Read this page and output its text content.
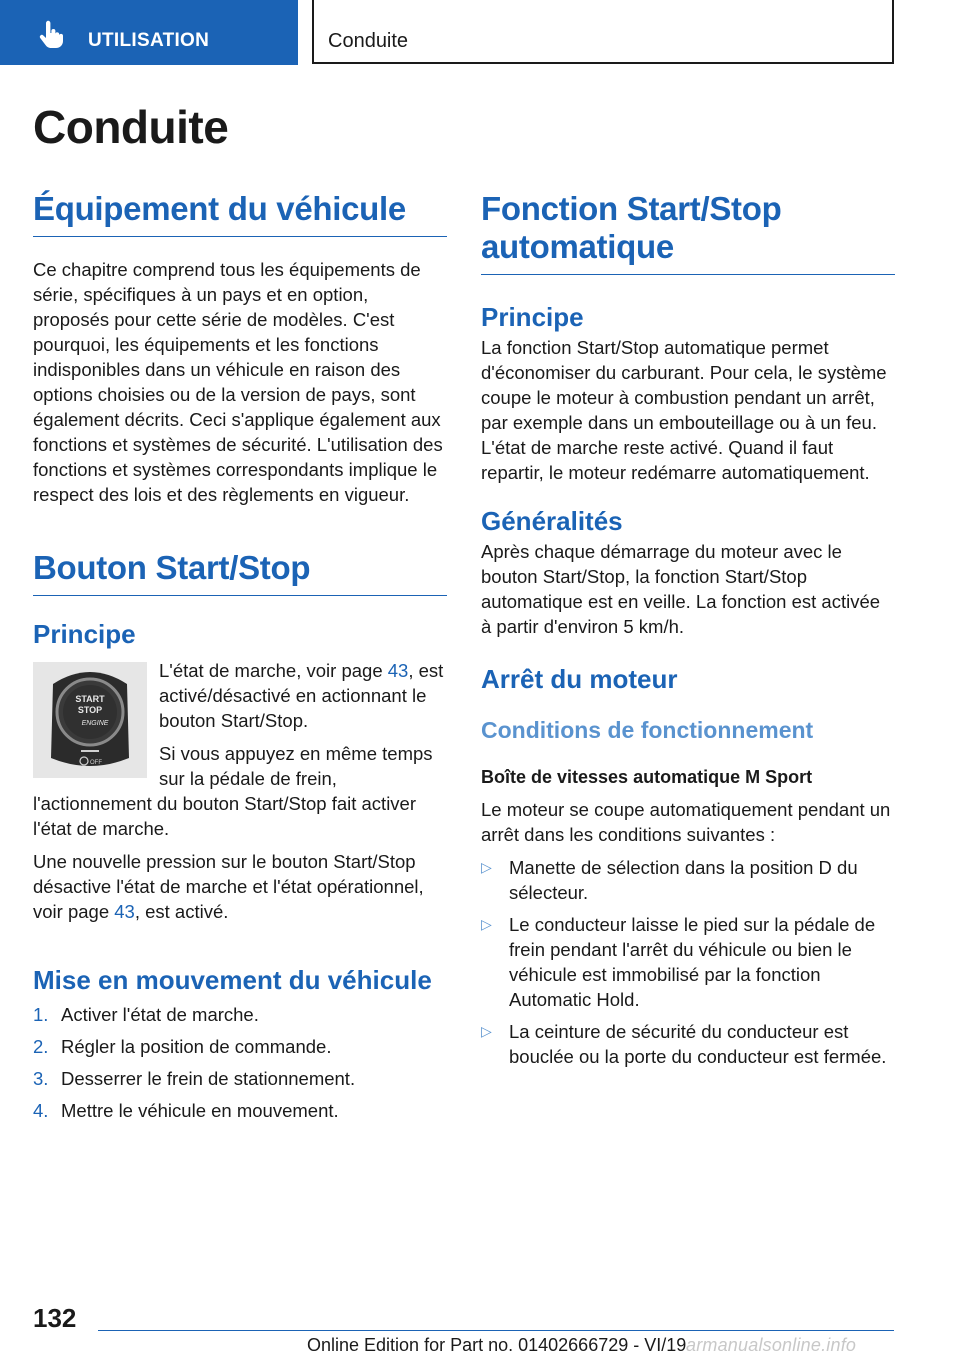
UTILISATION	Conduite
Conduite
Équipement du véhicule

Ce chapitre comprend tous les équipements de série, spécifiques à un pays et en option, proposés pour cette série de modèles. C'est pourquoi, les équipements et les fonctions indisponibles dans un véhicule en raison des options choisies ou de la version de pays, sont également décrits. Ceci s'applique également aux fonctions et systèmes de sécurité. L'utilisation des fonctions et systèmes correspondants implique le respect des lois et des règlements en vigueur.

Bouton Start/Stop
Principe
START
STOP
ENGINE
OFF

L'état de marche, voir page 43, est activé/désactivé en actionnant le bouton Start/Stop.

Si vous appuyez en même temps sur la pédale de frein, l'actionnement du bouton Start/Stop fait activer l'état de marche.

Une nouvelle pression sur le bouton Start/Stop désactive l'état de marche et l'état opérationnel, voir page 43, est activé.

Mise en mouvement du véhicule
1. Activer l'état de marche.
2. Régler la position de commande.
3. Desserrer le frein de stationnement.
4. Mettre le véhicule en mouvement.
Fonction Start/Stop automatique
Principe

La fonction Start/Stop automatique permet d'économiser du carburant. Pour cela, le système coupe le moteur à combustion pendant un arrêt, par exemple dans un embouteillage ou à un feu. L'état de marche reste activé. Quand il faut repartir, le moteur redémarre automatiquement.

Généralités

Après chaque démarrage du moteur avec le bouton Start/Stop, la fonction Start/Stop automatique est en veille. La fonction est activée à partir d'environ 5 km/h.

Arrêt du moteur
Conditions de fonctionnement
Boîte de vitesses automatique M Sport

Le moteur se coupe automatiquement pendant un arrêt dans les conditions suivantes :

▷ Manette de sélection dans la position D du sélecteur.
▷ Le conducteur laisse le pied sur la pédale de frein pendant l'arrêt du véhicule ou bien le véhicule est immobilisé par la fonction Automatic Hold.
▷ La ceinture de sécurité du conducteur est bouclée ou la porte du conducteur est fermée.
132
Online Edition for Part no. 01402666729 - VI/19 armanualsonline.info
